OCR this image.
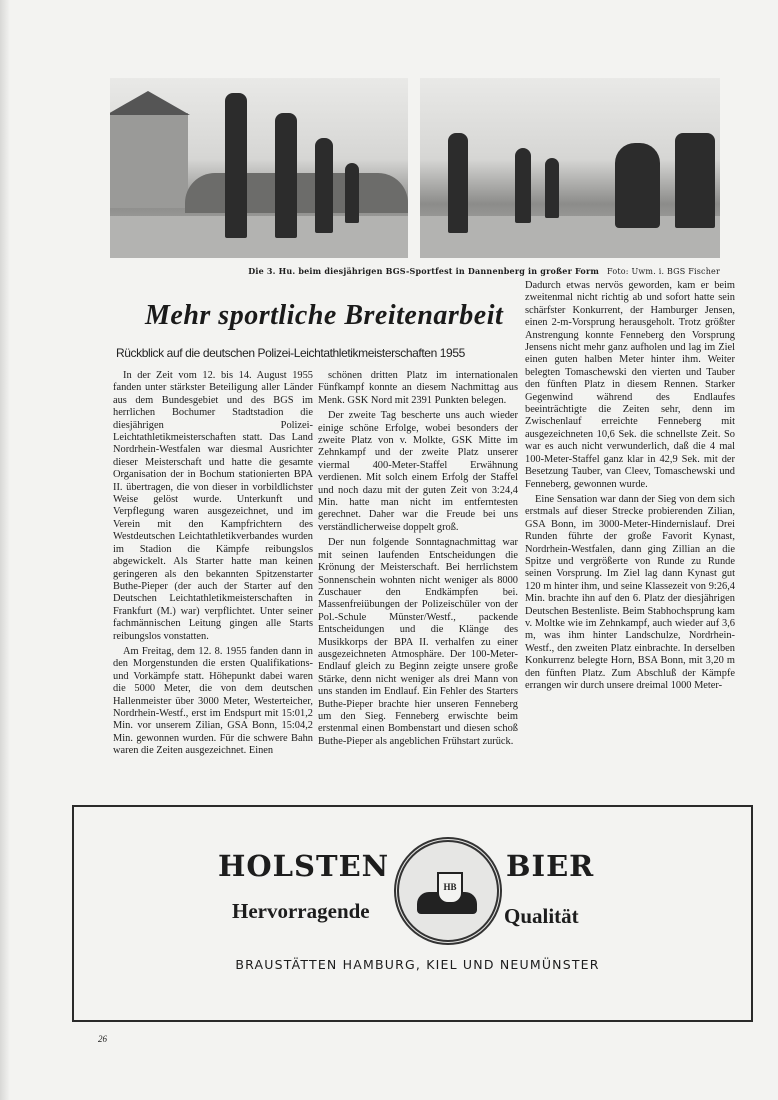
Die 3. Hu. beim diesjährigen BGS-Sportfest in Dannenberg in großer Form Foto: Uwm. i. BGS Fischer
Mehr sportliche Breitenarbeit
Rückblick auf die deutschen Polizei-Leichtathletikmeisterschaften 1955

In der Zeit vom 12. bis 14. August 1955 fanden unter stärkster Beteiligung aller Länder aus dem Bundesgebiet und des BGS im herrlichen Bochumer Stadtstadion die diesjährigen Polizei-Leichtathletikmeisterschaften statt. Das Land Nordrhein-Westfalen war diesmal Ausrichter dieser Meisterschaft und hatte die gesamte Organisation der in Bochum stationierten BPA II. übertragen, die von dieser in vorbildlichster Weise gelöst wurde. Unterkunft und Verpflegung waren ausgezeichnet, und im Verein mit den Kampfrichtern des Westdeutschen Leichtathletikverbandes wurden im Stadion die Kämpfe reibungslos abgewickelt. Als Starter hatte man keinen geringeren als den bekannten Spitzenstarter Buthe-Pieper (der auch der Starter auf den Deutschen Leichtathletikmeisterschaften in Frankfurt (M.) war) verpflichtet. Unter seiner fachmännischen Leitung gingen alle Starts reibungslos vonstatten.

Am Freitag, dem 12. 8. 1955 fanden dann in den Morgenstunden die ersten Qualifikations- und Vorkämpfe statt. Höhepunkt dabei waren die 5000 Meter, die von dem deutschen Hallenmeister über 3000 Meter, Westerteicher, Nordrhein-Westf., erst im Endspurt mit 15:01,2 Min. vor unserem Zilian, GSA Bonn, 15:04,2 Min. gewonnen wurden. Für die schwere Bahn waren die Zeiten ausgezeichnet. Einen

schönen dritten Platz im internationalen Fünfkampf konnte an diesem Nachmittag aus Menk. GSK Nord mit 2391 Punkten belegen.

Der zweite Tag bescherte uns auch wieder einige schöne Erfolge, wobei besonders der zweite Platz von v. Molkte, GSK Mitte im Zehnkampf und der zweite Platz unserer viermal 400-Meter-Staffel Erwähnung verdienen. Mit solch einem Erfolg der Staffel und noch dazu mit der guten Zeit von 3:24,4 Min. hatte man nicht im entferntesten gerechnet. Daher war die Freude bei uns verständlicherweise doppelt groß.

Der nun folgende Sonntagnachmittag war mit seinen laufenden Entscheidungen die Krönung der Meisterschaft. Bei herrlichstem Sonnenschein wohnten nicht weniger als 8000 Zuschauer den Endkämpfen bei. Massenfreiübungen der Polizeischüler von der Pol.-Schule Münster/Westf., packende Entscheidungen und die Klänge des Musikkorps der BPA II. verhalfen zu einer ausgezeichneten Atmosphäre. Der 100-Meter-Endlauf gleich zu Beginn zeigte unsere große Stärke, denn nicht weniger als drei Mann von uns standen im Endlauf. Ein Fehler des Starters Buthe-Pieper brachte hier unseren Fenneberg um den Sieg. Fenneberg erwischte beim erstenmal einen Bombenstart und diesen schoß Buthe-Pieper als angeblichen Frühstart zurück.

Dadurch etwas nervös geworden, kam er beim zweitenmal nicht richtig ab und sofort hatte sein schärfster Konkurrent, der Hamburger Jensen, einen 2-m-Vorsprung herausgeholt. Trotz größter Anstrengung konnte Fenneberg den Vorsprung Jensens nicht mehr ganz aufholen und lag im Ziel einen guten halben Meter hinter ihm. Weiter belegten Tomaschewski den vierten und Tauber den fünften Platz in diesem Rennen. Starker Gegenwind während des Endlaufes beeinträchtigte die Zeiten sehr, denn im Zwischenlauf erreichte Fenneberg mit ausgezeichneten 10,6 Sek. die schnellste Zeit. So war es auch nicht verwunderlich, daß die 4 mal 100-Meter-Staffel ganz klar in 42,9 Sek. mit der Besetzung Tauber, van Cleev, Tomaschewski und Fenneberg, gewonnen wurde.

Eine Sensation war dann der Sieg von dem sich erstmals auf dieser Strecke probierenden Zilian, GSA Bonn, im 3000-Meter-Hindernislauf. Drei Runden führte der große Favorit Kynast, Nordrhein-Westfalen, dann ging Zillian an die Spitze und vergrößerte von Runde zu Runde seinen Vorsprung. Im Ziel lag dann Kynast gut 120 m hinter ihm, und seine Klassezeit von 9:26,4 Min. brachte ihn auf den 6. Platz der diesjährigen Deutschen Bestenliste. Beim Stabhochsprung kam v. Moltke wie im Zehnkampf, auch wieder auf 3,6 m, was ihm hinter Landschulze, Nordrhein-Westf., den zweiten Platz einbrachte. In derselben Konkurrenz belegte Horn, BSA Bonn, mit 3,20 m den fünften Platz. Zum Abschluß der Kämpfe errangen wir durch unsere dreimal 1000 Meter-

HOLSTEN
HB
BIER
Hervorragende	Qualität
BRAUSTÄTTEN HAMBURG, KIEL UND NEUMÜNSTER
26
